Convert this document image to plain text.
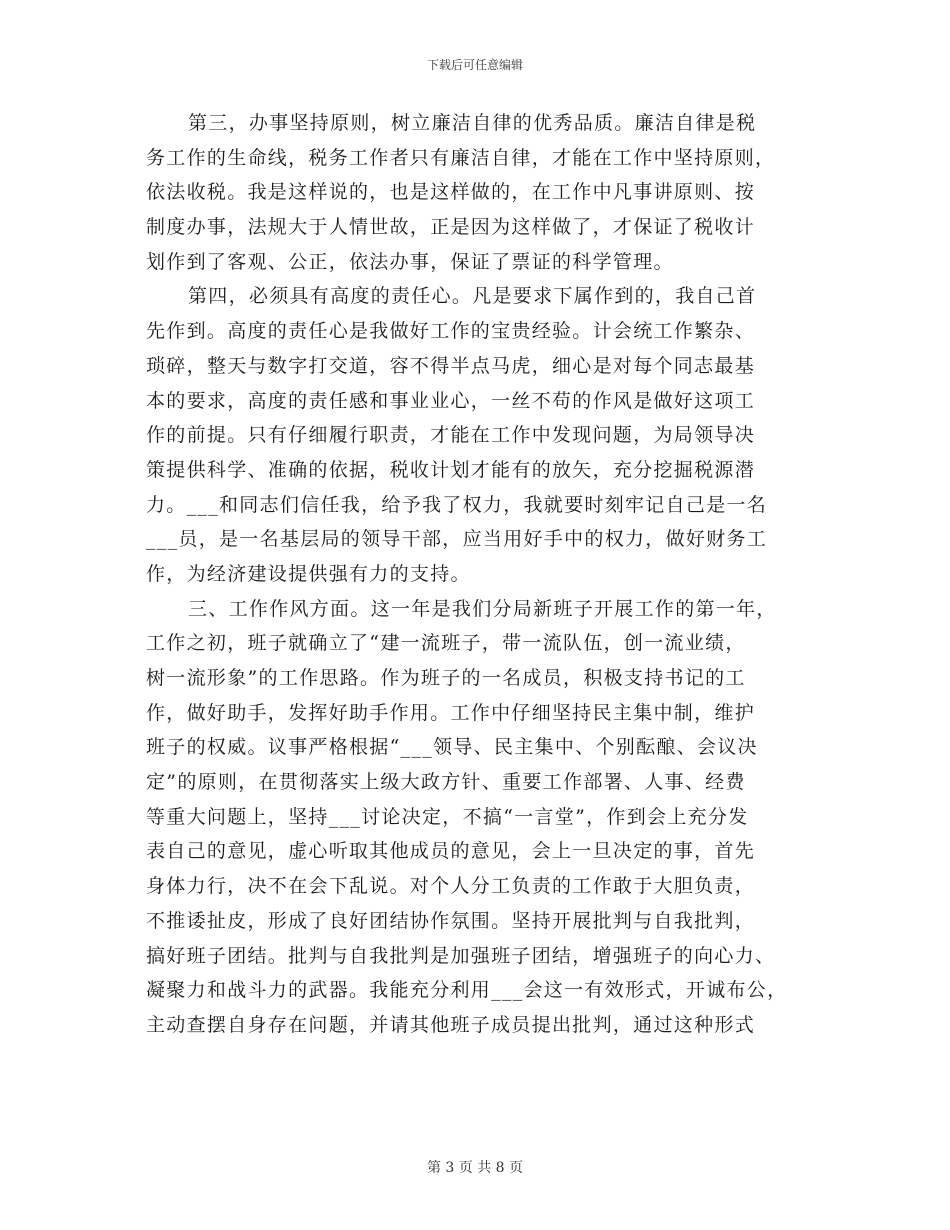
下载后可任意编辑
第三，办事坚持原则，树立廉洁自律的优秀品质。廉洁自律是税
务工作的生命线，税务工作者只有廉洁自律，才能在工作中坚持原则，
依法收税。我是这样说的，也是这样做的，在工作中凡事讲原则、按
制度办事，法规大于人情世故，正是因为这样做了，才保证了税收计
划作到了客观、公正，依法办事，保证了票证的科学管理。
第四，必须具有高度的责任心。凡是要求下属作到的，我自己首
先作到。高度的责任心是我做好工作的宝贵经验。计会统工作繁杂、
琐碎，整天与数字打交道，容不得半点马虎，细心是对每个同志最基
本的要求，高度的责任感和事业业心，一丝不苟的作风是做好这项工
作的前提。只有仔细履行职责，才能在工作中发现问题，为局领导决
策提供科学、准确的依据，税收计划才能有的放矢，充分挖掘税源潜
力。___和同志们信任我，给予我了权力，我就要时刻牢记自己是一名
___员，是一名基层局的领导干部，应当用好手中的权力，做好财务工
作，为经济建设提供强有力的支持。
三、工作作风方面。这一年是我们分局新班子开展工作的第一年，
工作之初，班子就确立了“建一流班子，带一流队伍，创一流业绩，
树一流形象”的工作思路。作为班子的一名成员，积极支持书记的工
作，做好助手，发挥好助手作用。工作中仔细坚持民主集中制，维护
班子的权威。议事严格根据“___领导、民主集中、个别酝酿、会议决
定”的原则，在贯彻落实上级大政方针、重要工作部署、人事、经费
等重大问题上，坚持___讨论决定，不搞“一言堂”，作到会上充分发
表自己的意见，虚心听取其他成员的意见，会上一旦决定的事，首先
身体力行，决不在会下乱说。对个人分工负责的工作敢于大胆负责，
不推诿扯皮，形成了良好团结协作氛围。坚持开展批判与自我批判，
搞好班子团结。批判与自我批判是加强班子团结，增强班子的向心力、
凝聚力和战斗力的武器。我能充分利用___会这一有效形式，开诚布公，
主动查摆自身存在问题，并请其他班子成员提出批判，通过这种形式
第 3 页 共 8 页
